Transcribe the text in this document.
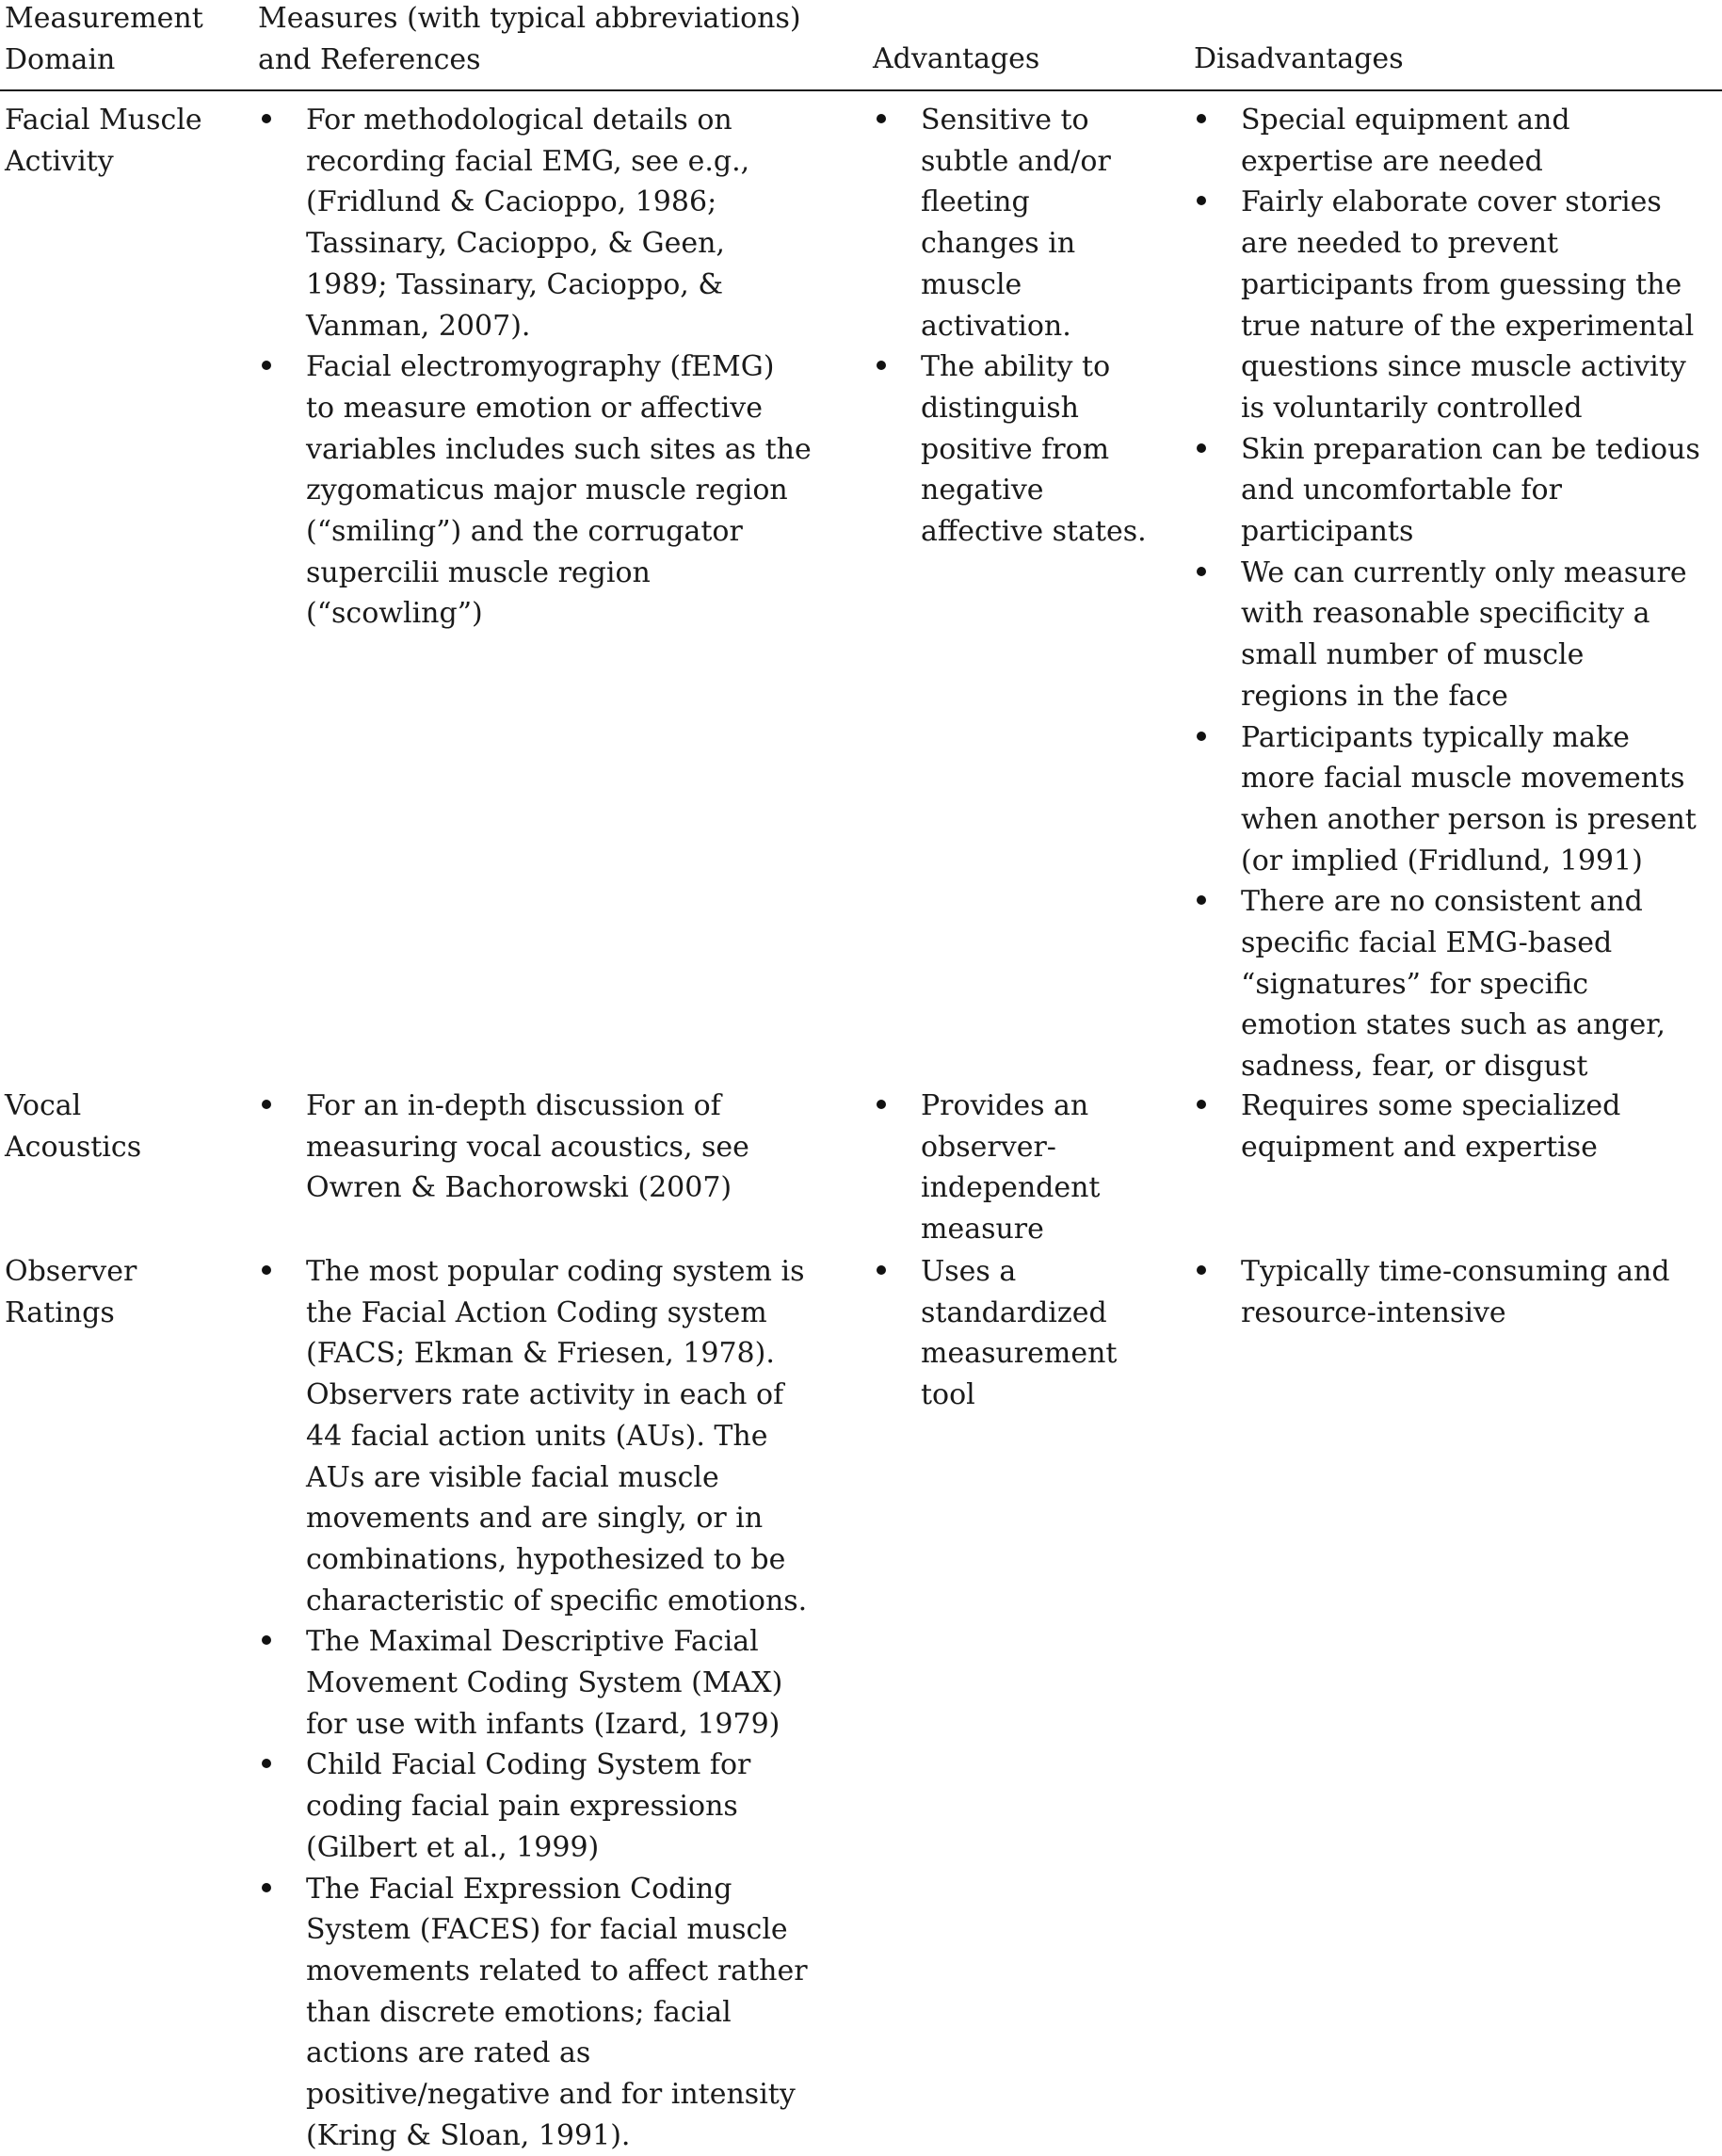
Measurement
Domain
Measures (with typical abbreviations)
and References	Advantages	Disadvantages
Facial Muscle
Activity
For methodological details on
recording facial EMG, see e.g.,
(Fridlund & Cacioppo, 1986;
Tassinary, Cacioppo, & Geen,
1989; Tassinary, Cacioppo, &
Vanman, 2007).
Facial electromyography (fEMG)
to measure emotion or affective
variables includes such sites as the
zygomaticus major muscle region
(“smiling”) and the corrugator
supercilii muscle region
(“scowling”)
Sensitive to
subtle and/or
fleeting
changes in
muscle
activation.
The ability to
distinguish
positive from
negative
affective states.
Special equipment and
expertise are needed
Fairly elaborate cover stories
are needed to prevent
participants from guessing the
true nature of the experimental
questions since muscle activity
is voluntarily controlled
Skin preparation can be tedious
and uncomfortable for
participants
We can currently only measure
with reasonable specificity a
small number of muscle
regions in the face
Participants typically make
more facial muscle movements
when another person is present
(or implied (Fridlund, 1991)
There are no consistent and
specific facial EMG-based
“signatures” for specific
emotion states such as anger,
sadness, fear, or disgust
Vocal
Acoustics
For an in-depth discussion of
measuring vocal acoustics, see
Owren & Bachorowski (2007)
Provides an
observer-
independent
measure
Requires some specialized
equipment and expertise
Observer
Ratings
The most popular coding system is
the Facial Action Coding system
(FACS; Ekman & Friesen, 1978).
Observers rate activity in each of
44 facial action units (AUs). The
AUs are visible facial muscle
movements and are singly, or in
combinations, hypothesized to be
characteristic of specific emotions.
The Maximal Descriptive Facial
Movement Coding System (MAX)
for use with infants (Izard, 1979)
Child Facial Coding System for
coding facial pain expressions
(Gilbert et al., 1999)
The Facial Expression Coding
System (FACES) for facial muscle
movements related to affect rather
than discrete emotions; facial
actions are rated as
positive/negative and for intensity
(Kring & Sloan, 1991).
Uses a
standardized
measurement
tool
Typically time-consuming and
resource-intensive
